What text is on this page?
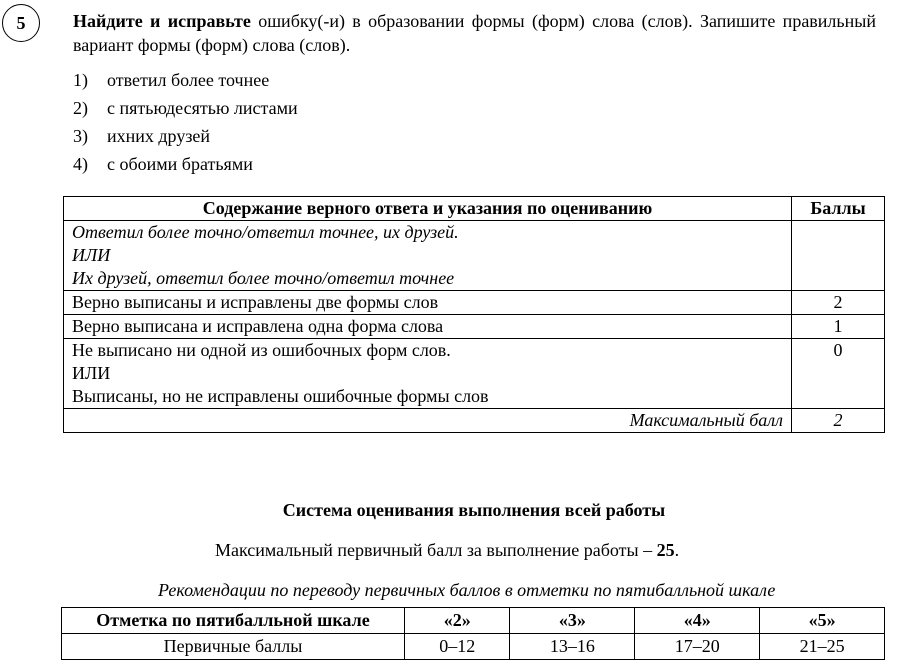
5	Найдите и исправьте ошибку(-и) в образовании формы (форм) слова (слов). Запишите правильный вариант формы (форм) слова (слов).
1)	ответил более точнее
2)	с пятьюдесятью листами
3)	ихних друзей
4)	с обоими братьями
Содержание верного ответа и указания по оцениванию	Баллы

Ответил более точно/ответил точнее, их друзей.
ИЛИ
Их друзей, ответил более точно/ответил точнее	

Верно выписаны и исправлены две формы слов	2
Верно выписана и исправлена одна форма слова	1

Не выписано ни одной из ошибочных форм слов.
ИЛИ
Выписаны, но не исправлены ошибочные формы слов	0
Максимальный балл	2
Система оценивания выполнения всей работы
Максимальный первичный балл за выполнение работы – 25.
Рекомендации по переводу первичных баллов в отметки по пятибалльной шкале
Отметка по пятибалльной шкале	«2»	«3»	«4»	«5»
Первичные баллы	0–12	13–16	17–20	21–25
